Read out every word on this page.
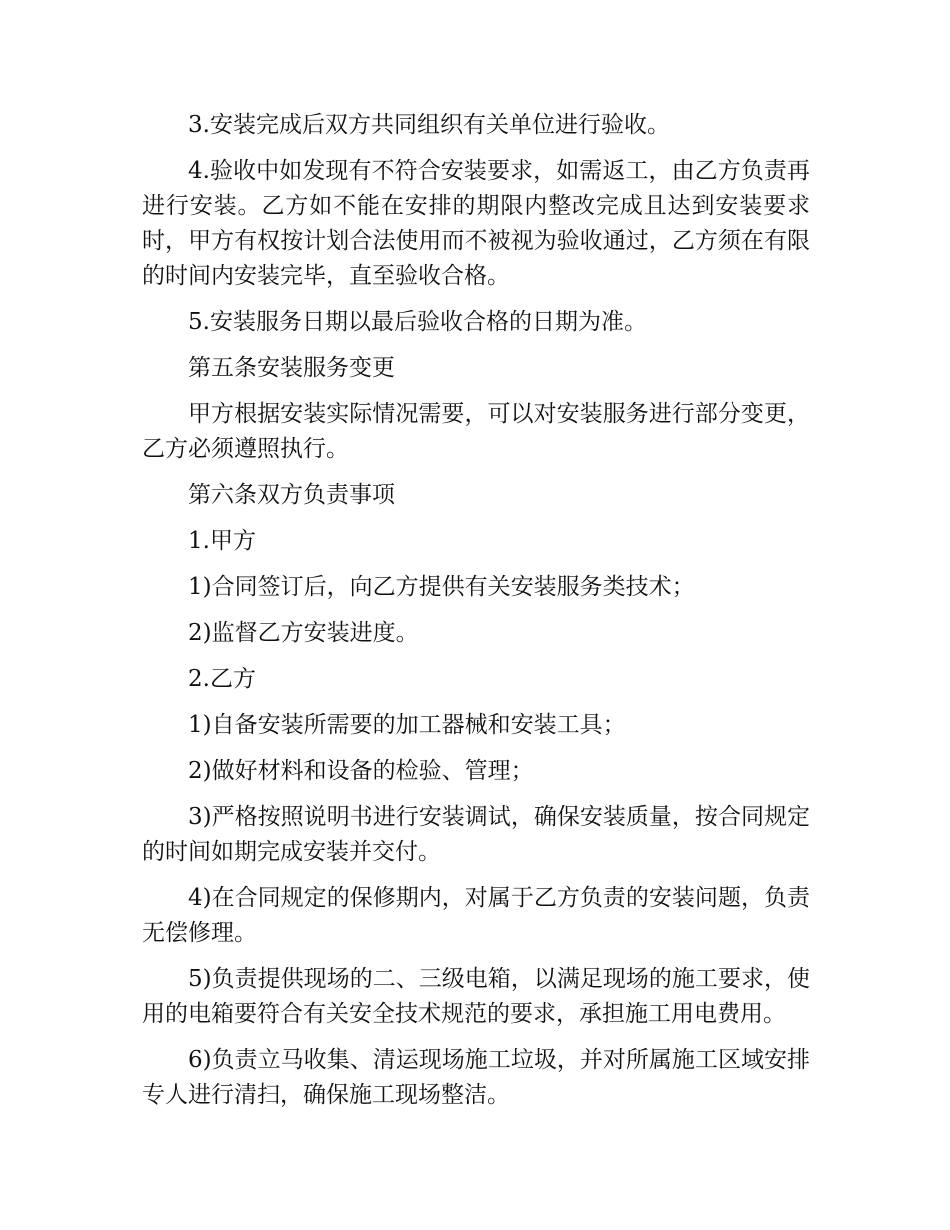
3.安装完成后双方共同组织有关单位进行验收。

4.验收中如发现有不符合安装要求，如需返工，由乙方负责再进行安装。乙方如不能在安排的期限内整改完成且达到安装要求时，甲方有权按计划合法使用而不被视为验收通过，乙方须在有限的时间内安装完毕，直至验收合格。

5.安装服务日期以最后验收合格的日期为准。

第五条安装服务变更

甲方根据安装实际情况需要，可以对安装服务进行部分变更，乙方必须遵照执行。

第六条双方负责事项

1.甲方

1)合同签订后，向乙方提供有关安装服务类技术；

2)监督乙方安装进度。

2.乙方

1)自备安装所需要的加工器械和安装工具；

2)做好材料和设备的检验、管理；

3)严格按照说明书进行安装调试，确保安装质量，按合同规定的时间如期完成安装并交付。

4)在合同规定的保修期内，对属于乙方负责的安装问题，负责无偿修理。

5)负责提供现场的二、三级电箱，以满足现场的施工要求，使用的电箱要符合有关安全技术规范的要求，承担施工用电费用。

6)负责立马收集、清运现场施工垃圾，并对所属施工区域安排专人进行清扫，确保施工现场整洁。
